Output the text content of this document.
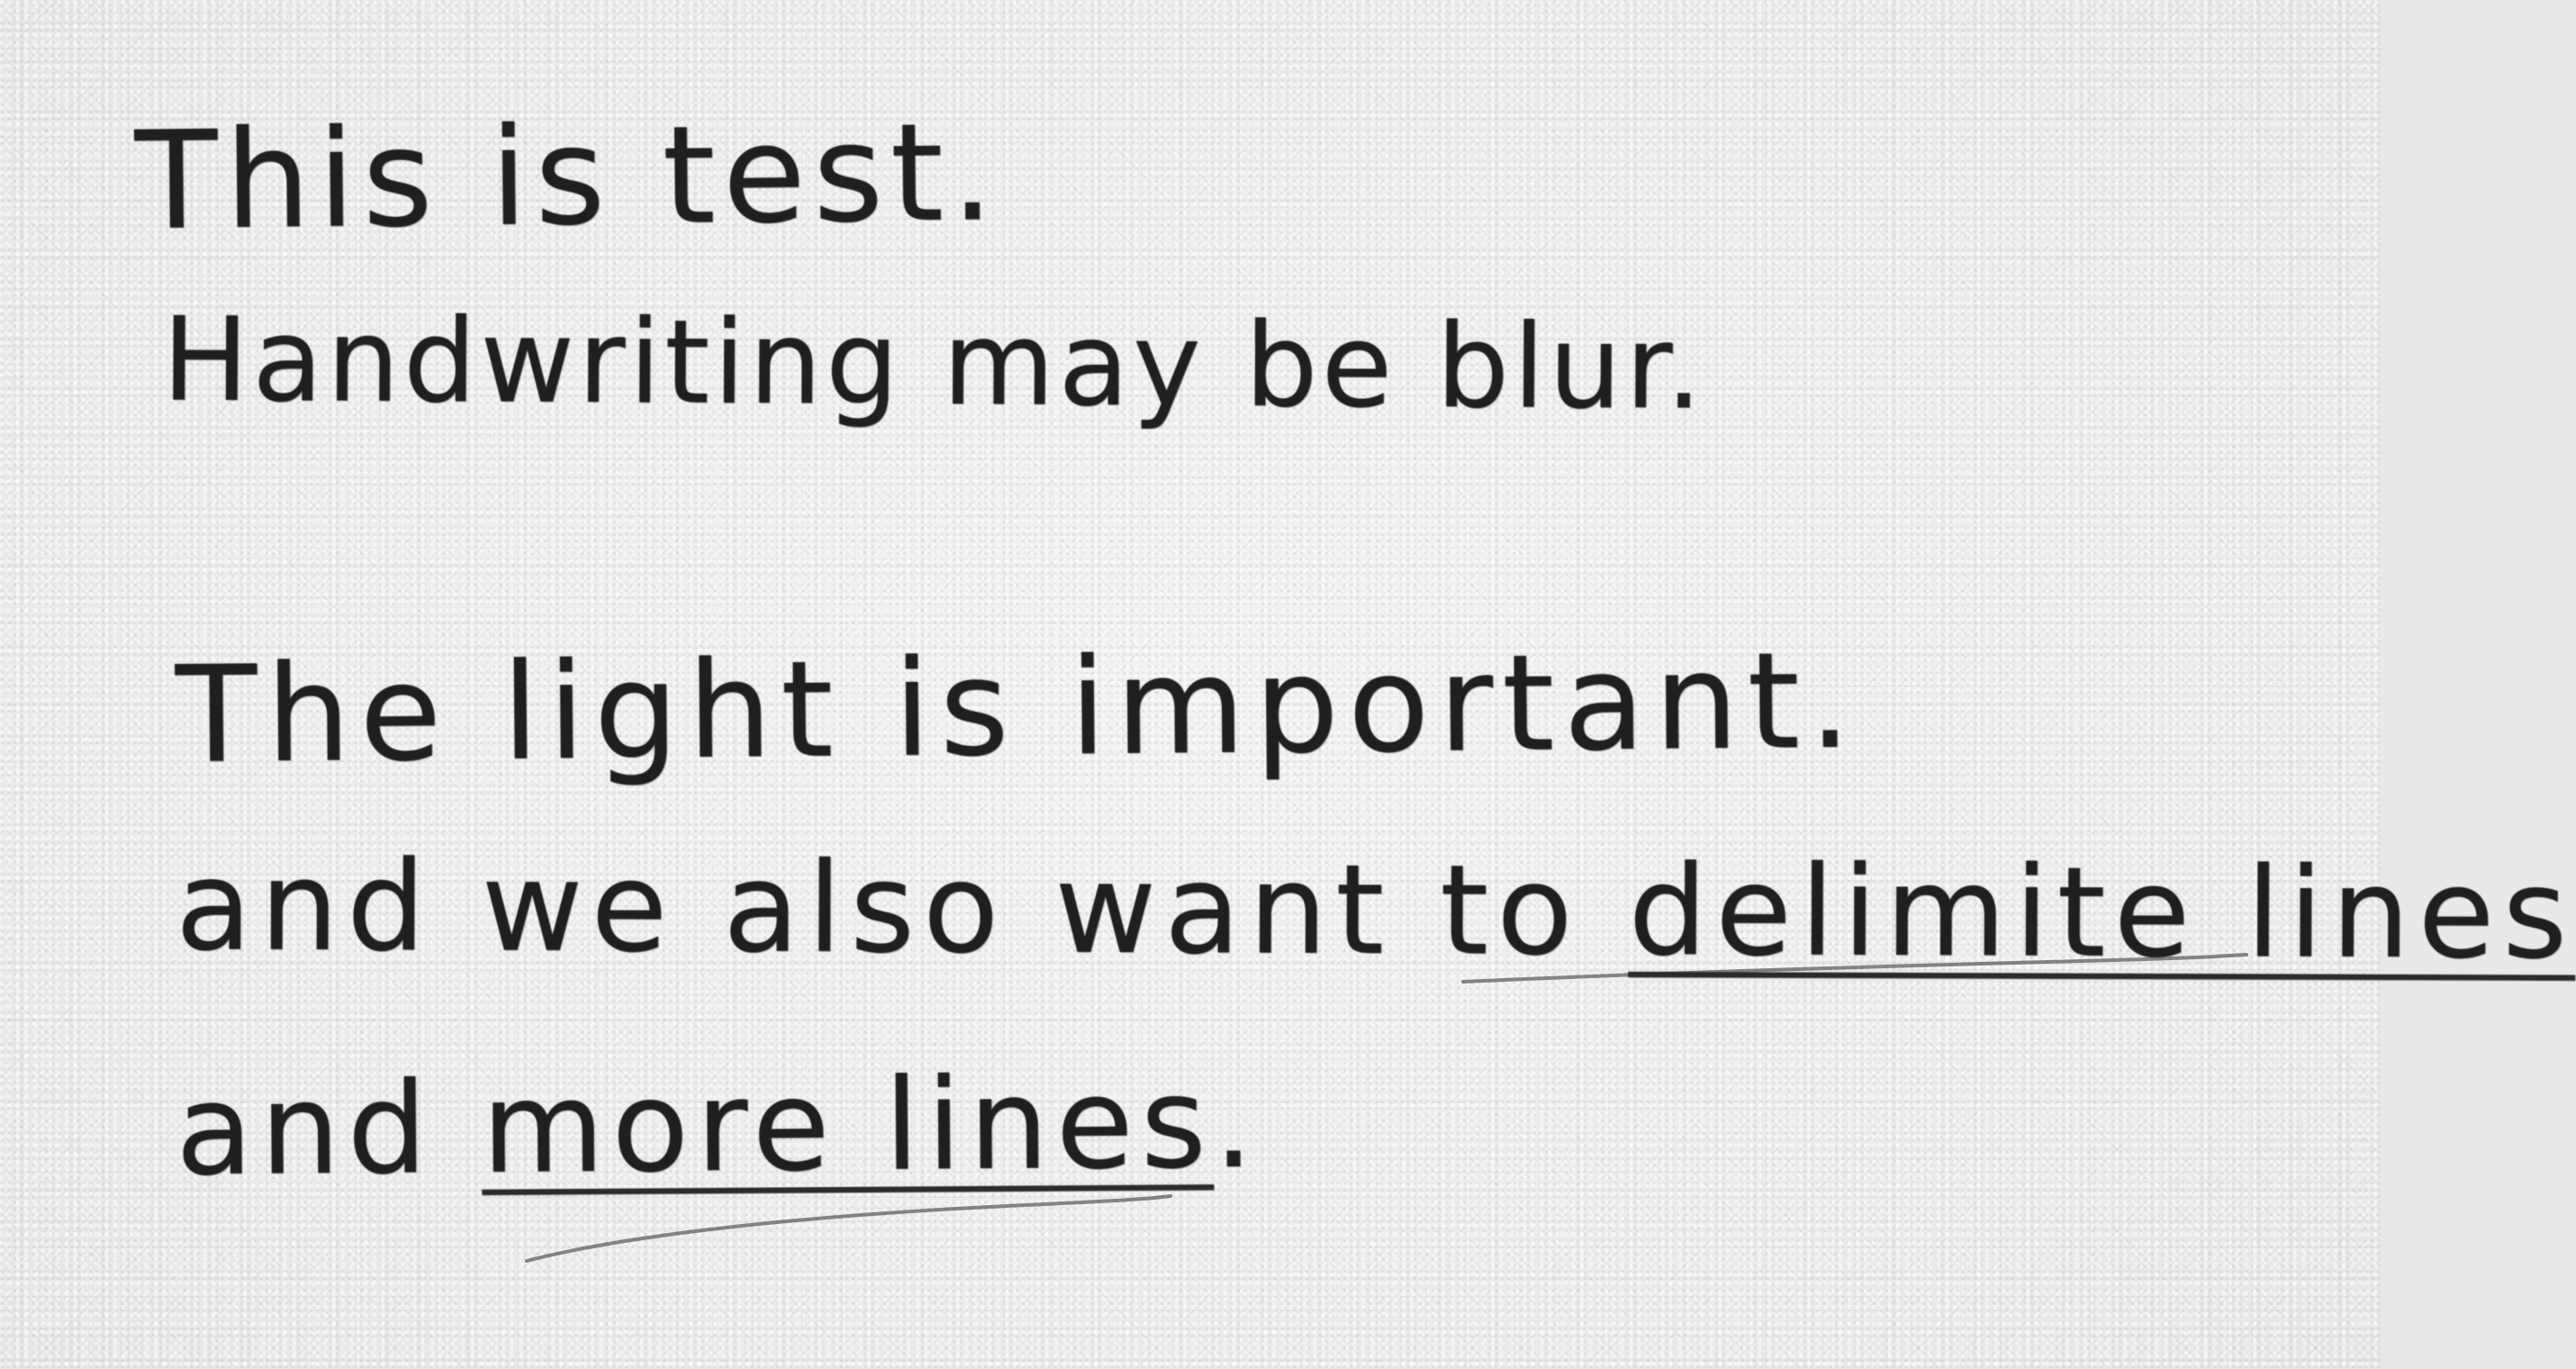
This is test.

Handwriting may be blur.

The light is important.

and we also want to delimite lines

and more lines.
